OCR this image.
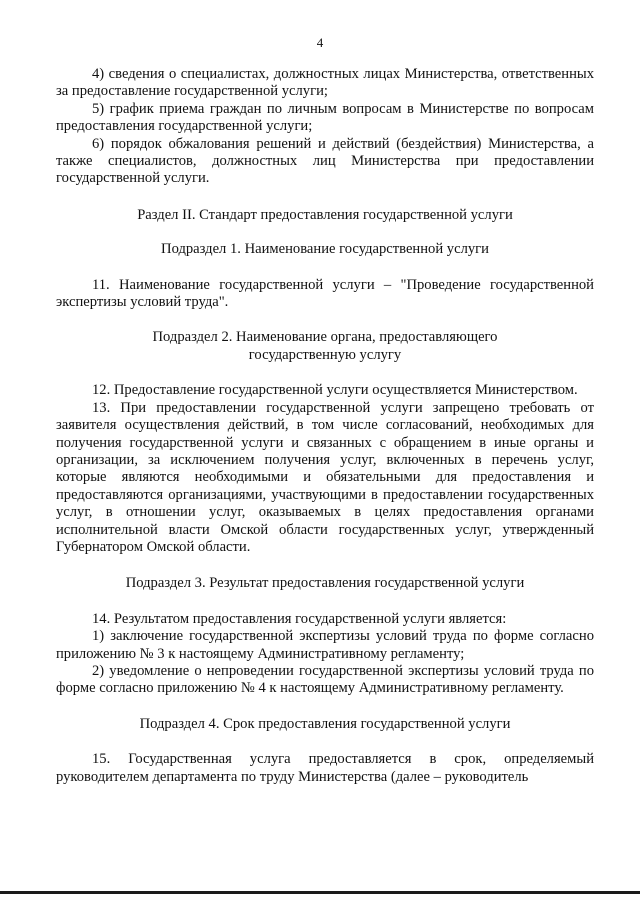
4

4) сведения о специалистах, должностных лицах Министерства, ответственных за предоставление государственной услуги;

5) график приема граждан по личным вопросам в Министерстве по вопросам предоставления государственной услуги;

6) порядок обжалования решений и действий (бездействия) Министерства, а также специалистов, должностных лиц Министерства при предоставлении государственной услуги.

Раздел II. Стандарт предоставления государственной услуги

Подраздел 1. Наименование государственной услуги

11. Наименование государственной услуги – "Проведение государственной экспертизы условий труда".

Подраздел 2. Наименование органа, предоставляющего

государственную услугу

12. Предоставление государственной услуги осуществляется Министерством.

13. При предоставлении государственной услуги запрещено требовать от заявителя осуществления действий, в том числе согласований, необходимых для получения государственной услуги и связанных с обращением в иные органы и организации, за исключением получения услуг, включенных в перечень услуг, которые являются необходимыми и обязательными для предоставления и предоставляются организациями, участвующими в предоставлении государственных услуг, в отношении услуг, оказываемых в целях предоставления органами исполнительной власти Омской области государственных услуг, утвержденный Губернатором Омской области.

Подраздел 3. Результат предоставления государственной услуги

14. Результатом предоставления государственной услуги является:

1) заключение государственной экспертизы условий труда по форме согласно приложению № 3 к настоящему Административному регламенту;

2) уведомление о непроведении государственной экспертизы условий труда по форме согласно приложению № 4 к настоящему Административному регламенту.

Подраздел 4. Срок предоставления государственной услуги

15. Государственная услуга предоставляется в срок, определяемый руководителем департамента по труду Министерства (далее – руководитель
